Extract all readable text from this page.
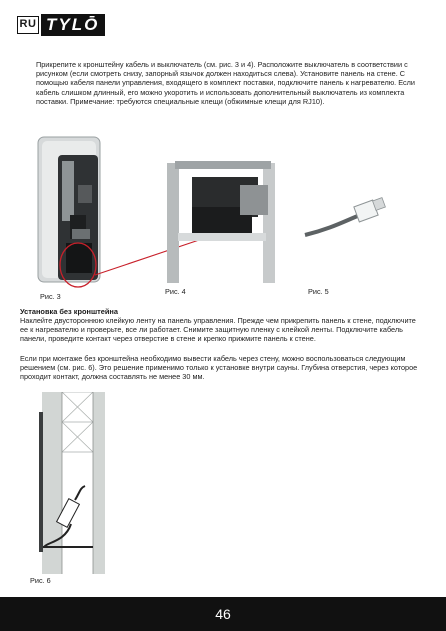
RU TYLŌ
Прикрепите к кронштейну кабель и выключатель (см. рис. 3 и 4). Расположите выключатель в соответствии с рисунком (если смотреть снизу, запорный язычок должен находиться слева). Установите панель на стене. С помощью кабеля панели управления, входящего в комплект поставки, подключите панель к нагревателю. Если кабель слишком длинный, его можно укоротить и использовать дополнительный выключатель из комплекта поставки. Примечание: требуются специальные клещи (обжимные клещи для RJ10).
Рис. 3
Рис. 4	Рис. 5
Установка без кронштейна
Наклейте двустороннюю клейкую ленту на панель управления. Прежде чем прикрепить панель к стене, подключите ее к нагревателю и проверьте, все ли работает. Снимите защитную пленку с клейкой ленты. Подключите кабель панели, проведите контакт через отверстие в стене и крепко прижмите панель к стене.
Если при монтаже без кронштейна необходимо вывести кабель через стену, можно воспользоваться следующим решением (см. рис. 6). Это решение применимо только к установке внутри сауны. Глубина отверстия, через которое проходит контакт, должна составлять не менее 30 мм.
Рис. 6
46
